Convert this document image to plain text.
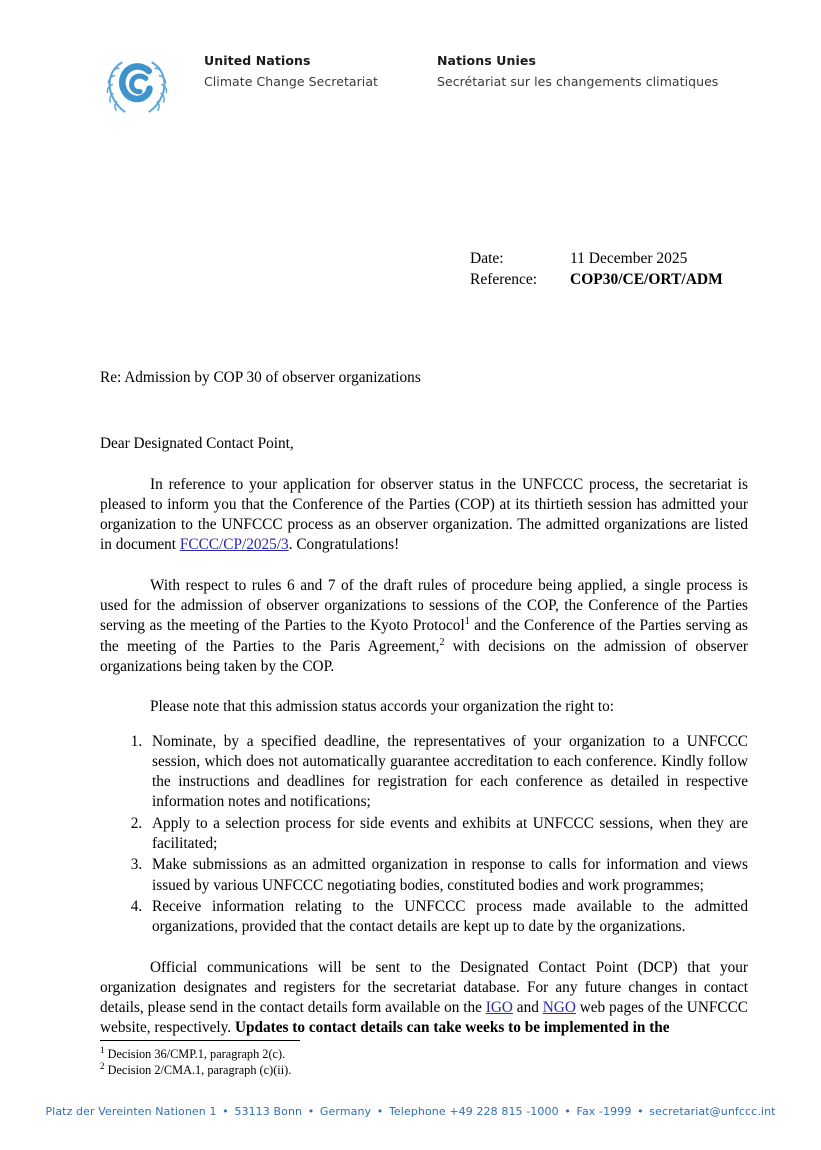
United Nations
Climate Change Secretariat
Nations Unies
Secrétariat sur les changements climatiques
Date:	11 December 2025
Reference:	COP30/CE/ORT/ADM
Re: Admission by COP 30 of observer organizations
Dear Designated Contact Point,

In reference to your application for observer status in the UNFCCC process, the secretariat is pleased to inform you that the Conference of the Parties (COP) at its thirtieth session has admitted your organization to the UNFCCC process as an observer organization. The admitted organizations are listed in document FCCC/CP/2025/3. Congratulations!

With respect to rules 6 and 7 of the draft rules of procedure being applied, a single process is used for the admission of observer organizations to sessions of the COP, the Conference of the Parties serving as the meeting of the Parties to the Kyoto Protocol$^1$ and the Conference of the Parties serving as the meeting of the Parties to the Paris Agreement,$^2$ with decisions on the admission of observer organizations being taken by the COP.

Please note that this admission status accords your organization the right to:

1. Nominate, by a specified deadline, the representatives of your organization to a UNFCCC session, which does not automatically guarantee accreditation to each conference. Kindly follow the instructions and deadlines for registration for each conference as detailed in respective information notes and notifications;
2. Apply to a selection process for side events and exhibits at UNFCCC sessions, when they are facilitated;
3. Make submissions as an admitted organization in response to calls for information and views issued by various UNFCCC negotiating bodies, constituted bodies and work programmes;
4. Receive information relating to the UNFCCC process made available to the admitted organizations, provided that the contact details are kept up to date by the organizations.

Official communications will be sent to the Designated Contact Point (DCP) that your organization designates and registers for the secretariat database. For any future changes in contact details, please send in the contact details form available on the IGO and NGO web pages of the UNFCCC website, respectively. Updates to contact details can take weeks to be implemented in the

$^1$ Decision 36/CMP.1, paragraph 2(c).
$^2$ Decision 2/CMA.1, paragraph (c)(ii).
Platz der Vereinten Nationen 1 • 53113 Bonn • Germany • Telephone +49 228 815 -1000 • Fax -1999 • secretariat@unfccc.int
